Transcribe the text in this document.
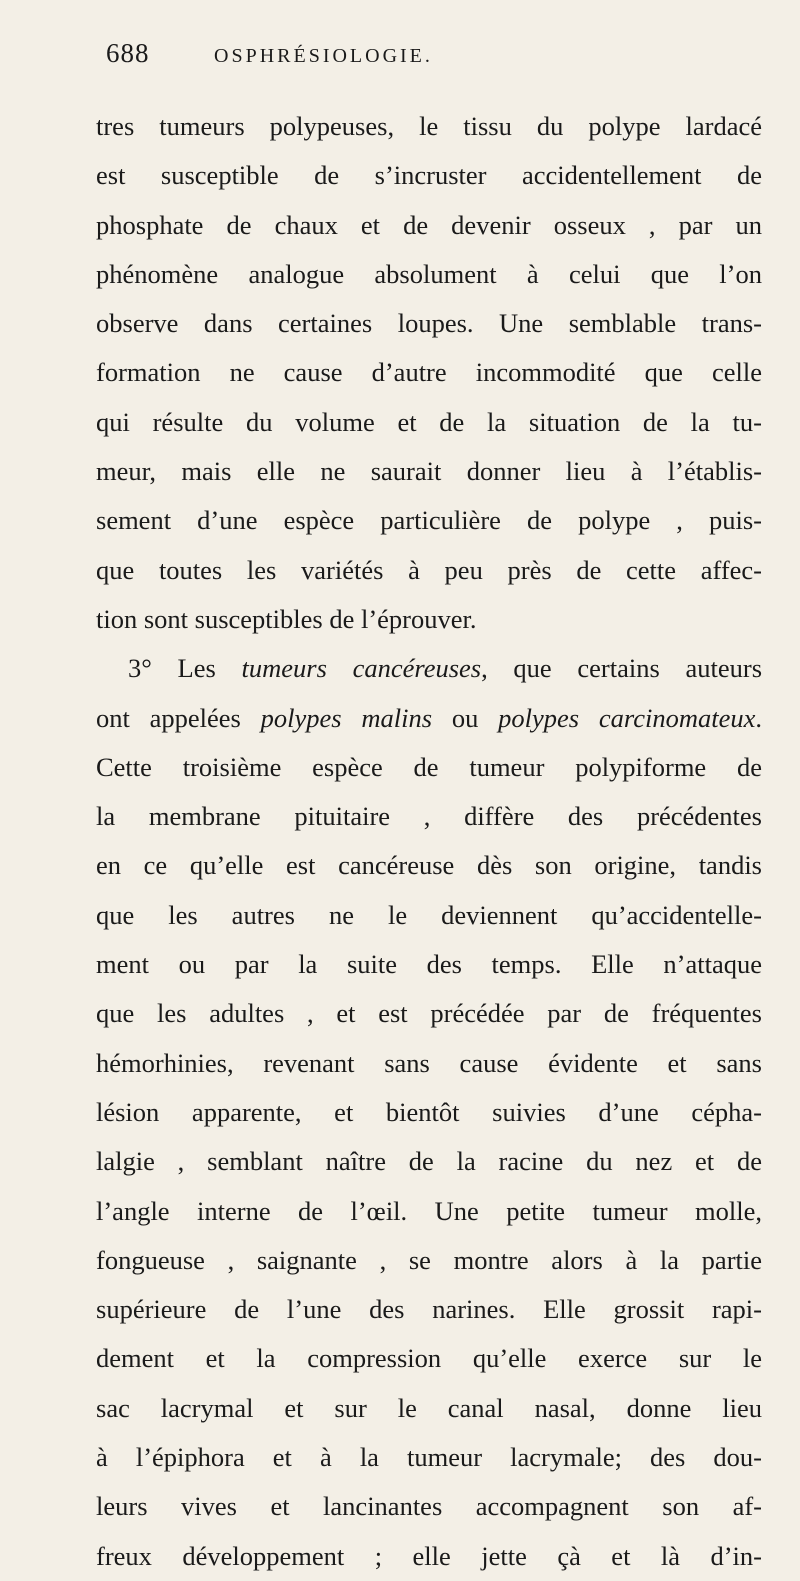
688	OSPHRÉSIOLOGIE.
tres tumeurs polypeuses, le tissu du polype lardacé
est susceptible de s’incruster accidentellement de
phosphate de chaux et de devenir osseux , par un
phénomène analogue absolument à celui que l’on
observe dans certaines loupes. Une semblable trans-
formation ne cause d’autre incommodité que celle
qui résulte du volume et de la situation de la tu-
meur, mais elle ne saurait donner lieu à l’établis-
sement d’une espèce particulière de polype , puis-
que toutes les variétés à peu près de cette affec-
tion sont susceptibles de l’éprouver.
3° Les tumeurs cancéreuses, que certains auteurs
ont appelées polypes malins ou polypes carcinomateux.
Cette troisième espèce de tumeur polypiforme de
la membrane pituitaire , diffère des précédentes
en ce qu’elle est cancéreuse dès son origine, tandis
que les autres ne le deviennent qu’accidentelle-
ment ou par la suite des temps. Elle n’attaque
que les adultes , et est précédée par de fréquentes
hémorhinies, revenant sans cause évidente et sans
lésion apparente, et bientôt suivies d’une cépha-
lalgie , semblant naître de la racine du nez et de
l’angle interne de l’œil. Une petite tumeur molle,
fongueuse , saignante , se montre alors à la partie
supérieure de l’une des narines. Elle grossit rapi-
dement et la compression qu’elle exerce sur le
sac lacrymal et sur le canal nasal, donne lieu
à l’épiphora et à la tumeur lacrymale; des dou-
leurs vives et lancinantes accompagnent son af-
freux développement ; elle jette çà et là d’in-
